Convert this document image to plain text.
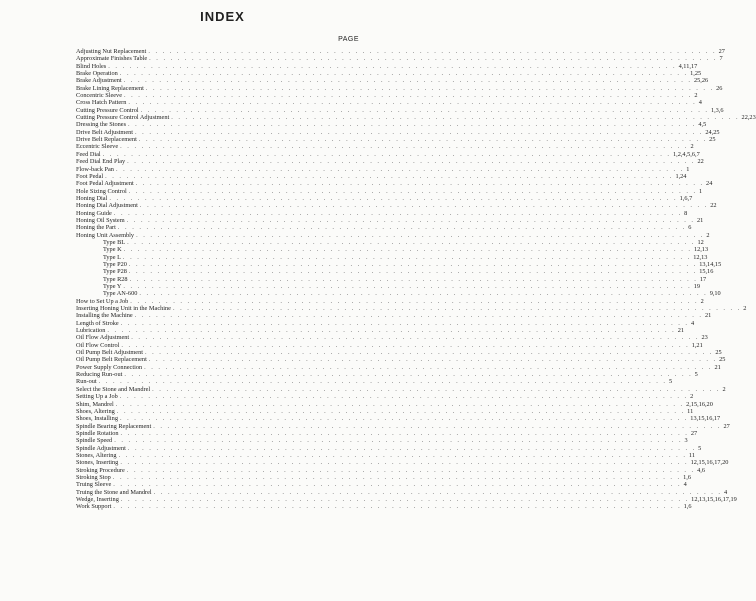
INDEX
PAGE
Adjusting Nut Replacement . . . . . . . . . . . . . . . . . . . . . . . . . . . . . . . . . . . . . . . . . . . . . . . . . . . . . . . . . . . . . . . . . . . . . . . . . . . . . . . . 27
Approximate Finishes Table . . . . . . . . . . . . . . . . . . . . . . . . . . . . . . . . . . . . . . . . . . . . . . . . . . . . . . . . . . . . . . . . . . . . . . . . . . . . . . . . 7
Blind Holes . . . . . . . . . . . . . . . . . . . . . . . . . . . . . . . . . . . . . . . . . . . . . . . . . . . . . . . . . . . . . . . . . . . . . . . . . . . . . . . . 4,11,17
Brake Operation . . . . . . . . . . . . . . . . . . . . . . . . . . . . . . . . . . . . . . . . . . . . . . . . . . . . . . . . . . . . . . . . . . . . . . . . . . . . . . . . 1,25
Brake Adjustment . . . . . . . . . . . . . . . . . . . . . . . . . . . . . . . . . . . . . . . . . . . . . . . . . . . . . . . . . . . . . . . . . . . . . . . . . . . . . . . . 25,26
Brake Lining Replacement . . . . . . . . . . . . . . . . . . . . . . . . . . . . . . . . . . . . . . . . . . . . . . . . . . . . . . . . . . . . . . . . . . . . . . . . . . . . . . . . 26
Concentric Sleeve . . . . . . . . . . . . . . . . . . . . . . . . . . . . . . . . . . . . . . . . . . . . . . . . . . . . . . . . . . . . . . . . . . . . . . . . . . . . . . . . 2
Cross Hatch Pattern . . . . . . . . . . . . . . . . . . . . . . . . . . . . . . . . . . . . . . . . . . . . . . . . . . . . . . . . . . . . . . . . . . . . . . . . . . . . . . . . 4
Cutting Pressure Control . . . . . . . . . . . . . . . . . . . . . . . . . . . . . . . . . . . . . . . . . . . . . . . . . . . . . . . . . . . . . . . . . . . . . . . . . . . . . . . . 1,3,6
Cutting Pressure Control Adjustment . . . . . . . . . . . . . . . . . . . . . . . . . . . . . . . . . . . . . . . . . . . . . . . . . . . . . . . . . . . . . . . . . . . . . . . . . . . . . . . . 22,23
Dressing the Stones . . . . . . . . . . . . . . . . . . . . . . . . . . . . . . . . . . . . . . . . . . . . . . . . . . . . . . . . . . . . . . . . . . . . . . . . . . . . . . . . 4,5
Drive Belt Adjustment . . . . . . . . . . . . . . . . . . . . . . . . . . . . . . . . . . . . . . . . . . . . . . . . . . . . . . . . . . . . . . . . . . . . . . . . . . . . . . . . 24,25
Drive Belt Replacement . . . . . . . . . . . . . . . . . . . . . . . . . . . . . . . . . . . . . . . . . . . . . . . . . . . . . . . . . . . . . . . . . . . . . . . . . . . . . . . . 25
Eccentric Sleeve . . . . . . . . . . . . . . . . . . . . . . . . . . . . . . . . . . . . . . . . . . . . . . . . . . . . . . . . . . . . . . . . . . . . . . . . . . . . . . . . 2
Feed Dial . . . . . . . . . . . . . . . . . . . . . . . . . . . . . . . . . . . . . . . . . . . . . . . . . . . . . . . . . . . . . . . . . . . . . . . . . . . . . . . . 1,2,4,5,6,7
Feed Dial End Play . . . . . . . . . . . . . . . . . . . . . . . . . . . . . . . . . . . . . . . . . . . . . . . . . . . . . . . . . . . . . . . . . . . . . . . . . . . . . . . . 22
Flow-back Pan . . . . . . . . . . . . . . . . . . . . . . . . . . . . . . . . . . . . . . . . . . . . . . . . . . . . . . . . . . . . . . . . . . . . . . . . . . . . . . . . 1
Foot Pedal . . . . . . . . . . . . . . . . . . . . . . . . . . . . . . . . . . . . . . . . . . . . . . . . . . . . . . . . . . . . . . . . . . . . . . . . . . . . . . . . 1,24
Foot Pedal Adjustment . . . . . . . . . . . . . . . . . . . . . . . . . . . . . . . . . . . . . . . . . . . . . . . . . . . . . . . . . . . . . . . . . . . . . . . . . . . . . . . . 24
Hole Sizing Control . . . . . . . . . . . . . . . . . . . . . . . . . . . . . . . . . . . . . . . . . . . . . . . . . . . . . . . . . . . . . . . . . . . . . . . . . . . . . . . . 1
Honing Dial . . . . . . . . . . . . . . . . . . . . . . . . . . . . . . . . . . . . . . . . . . . . . . . . . . . . . . . . . . . . . . . . . . . . . . . . . . . . . . . . 1,6,7
Honing Dial Adjustment . . . . . . . . . . . . . . . . . . . . . . . . . . . . . . . . . . . . . . . . . . . . . . . . . . . . . . . . . . . . . . . . . . . . . . . . . . . . . . . . 22
Honing Guide . . . . . . . . . . . . . . . . . . . . . . . . . . . . . . . . . . . . . . . . . . . . . . . . . . . . . . . . . . . . . . . . . . . . . . . . . . . . . . . . 8
Honing Oil System . . . . . . . . . . . . . . . . . . . . . . . . . . . . . . . . . . . . . . . . . . . . . . . . . . . . . . . . . . . . . . . . . . . . . . . . . . . . . . . . 21
Honing the Part . . . . . . . . . . . . . . . . . . . . . . . . . . . . . . . . . . . . . . . . . . . . . . . . . . . . . . . . . . . . . . . . . . . . . . . . . . . . . . . . 6
Honing Unit Assembly . . . . . . . . . . . . . . . . . . . . . . . . . . . . . . . . . . . . . . . . . . . . . . . . . . . . . . . . . . . . . . . . . . . . . . . . . . . . . . . . 2
Type BL . . . . . . . . . . . . . . . . . . . . . . . . . . . . . . . . . . . . . . . . . . . . . . . . . . . . . . . . . . . . . . . . . . . . . . . . . . . . . . . . 12
Type K . . . . . . . . . . . . . . . . . . . . . . . . . . . . . . . . . . . . . . . . . . . . . . . . . . . . . . . . . . . . . . . . . . . . . . . . . . . . . . . . 12,13
Type L . . . . . . . . . . . . . . . . . . . . . . . . . . . . . . . . . . . . . . . . . . . . . . . . . . . . . . . . . . . . . . . . . . . . . . . . . . . . . . . . 12,13
Type P20 . . . . . . . . . . . . . . . . . . . . . . . . . . . . . . . . . . . . . . . . . . . . . . . . . . . . . . . . . . . . . . . . . . . . . . . . . . . . . . . . 13,14,15
Type P28 . . . . . . . . . . . . . . . . . . . . . . . . . . . . . . . . . . . . . . . . . . . . . . . . . . . . . . . . . . . . . . . . . . . . . . . . . . . . . . . . 15,16
Type R28 . . . . . . . . . . . . . . . . . . . . . . . . . . . . . . . . . . . . . . . . . . . . . . . . . . . . . . . . . . . . . . . . . . . . . . . . . . . . . . . . 17
Type Y . . . . . . . . . . . . . . . . . . . . . . . . . . . . . . . . . . . . . . . . . . . . . . . . . . . . . . . . . . . . . . . . . . . . . . . . . . . . . . . . 19
Type AN-600 . . . . . . . . . . . . . . . . . . . . . . . . . . . . . . . . . . . . . . . . . . . . . . . . . . . . . . . . . . . . . . . . . . . . . . . . . . . . . . . . 9,10
How to Set Up a Job . . . . . . . . . . . . . . . . . . . . . . . . . . . . . . . . . . . . . . . . . . . . . . . . . . . . . . . . . . . . . . . . . . . . . . . . . . . . . . . . 2
Inserting Honing Unit in the Machine . . . . . . . . . . . . . . . . . . . . . . . . . . . . . . . . . . . . . . . . . . . . . . . . . . . . . . . . . . . . . . . . . . . . . . . . . . . . . . . . 2
Installing the Machine . . . . . . . . . . . . . . . . . . . . . . . . . . . . . . . . . . . . . . . . . . . . . . . . . . . . . . . . . . . . . . . . . . . . . . . . . . . . . . . . 21
Length of Stroke . . . . . . . . . . . . . . . . . . . . . . . . . . . . . . . . . . . . . . . . . . . . . . . . . . . . . . . . . . . . . . . . . . . . . . . . . . . . . . . . 4
Lubrication . . . . . . . . . . . . . . . . . . . . . . . . . . . . . . . . . . . . . . . . . . . . . . . . . . . . . . . . . . . . . . . . . . . . . . . . . . . . . . . . 21
Oil Flow Adjustment . . . . . . . . . . . . . . . . . . . . . . . . . . . . . . . . . . . . . . . . . . . . . . . . . . . . . . . . . . . . . . . . . . . . . . . . . . . . . . . . 23
Oil Flow Control . . . . . . . . . . . . . . . . . . . . . . . . . . . . . . . . . . . . . . . . . . . . . . . . . . . . . . . . . . . . . . . . . . . . . . . . . . . . . . . . 1,21
Oil Pump Belt Adjustment . . . . . . . . . . . . . . . . . . . . . . . . . . . . . . . . . . . . . . . . . . . . . . . . . . . . . . . . . . . . . . . . . . . . . . . . . . . . . . . . 25
Oil Pump Belt Replacement . . . . . . . . . . . . . . . . . . . . . . . . . . . . . . . . . . . . . . . . . . . . . . . . . . . . . . . . . . . . . . . . . . . . . . . . . . . . . . . . 25
Power Supply Connection . . . . . . . . . . . . . . . . . . . . . . . . . . . . . . . . . . . . . . . . . . . . . . . . . . . . . . . . . . . . . . . . . . . . . . . . . . . . . . . . 21
Reducing Run-out . . . . . . . . . . . . . . . . . . . . . . . . . . . . . . . . . . . . . . . . . . . . . . . . . . . . . . . . . . . . . . . . . . . . . . . . . . . . . . . . 5
Run-out . . . . . . . . . . . . . . . . . . . . . . . . . . . . . . . . . . . . . . . . . . . . . . . . . . . . . . . . . . . . . . . . . . . . . . . . . . . . . . . . 5
Select the Stone and Mandrel . . . . . . . . . . . . . . . . . . . . . . . . . . . . . . . . . . . . . . . . . . . . . . . . . . . . . . . . . . . . . . . . . . . . . . . . . . . . . . . . 2
Setting Up a Job . . . . . . . . . . . . . . . . . . . . . . . . . . . . . . . . . . . . . . . . . . . . . . . . . . . . . . . . . . . . . . . . . . . . . . . . . . . . . . . . 2
Shim, Mandrel . . . . . . . . . . . . . . . . . . . . . . . . . . . . . . . . . . . . . . . . . . . . . . . . . . . . . . . . . . . . . . . . . . . . . . . . . . . . . . . . 2,15,16,20
Shoes, Altering . . . . . . . . . . . . . . . . . . . . . . . . . . . . . . . . . . . . . . . . . . . . . . . . . . . . . . . . . . . . . . . . . . . . . . . . . . . . . . . . 11
Shoes, Installing . . . . . . . . . . . . . . . . . . . . . . . . . . . . . . . . . . . . . . . . . . . . . . . . . . . . . . . . . . . . . . . . . . . . . . . . . . . . . . . . 13,15,16,17
Spindle Bearing Replacement . . . . . . . . . . . . . . . . . . . . . . . . . . . . . . . . . . . . . . . . . . . . . . . . . . . . . . . . . . . . . . . . . . . . . . . . . . . . . . . . 27
Spindle Rotation . . . . . . . . . . . . . . . . . . . . . . . . . . . . . . . . . . . . . . . . . . . . . . . . . . . . . . . . . . . . . . . . . . . . . . . . . . . . . . . . 27
Spindle Speed . . . . . . . . . . . . . . . . . . . . . . . . . . . . . . . . . . . . . . . . . . . . . . . . . . . . . . . . . . . . . . . . . . . . . . . . . . . . . . . . 3
Spindle Adjustment . . . . . . . . . . . . . . . . . . . . . . . . . . . . . . . . . . . . . . . . . . . . . . . . . . . . . . . . . . . . . . . . . . . . . . . . . . . . . . . . 5
Stones, Altering . . . . . . . . . . . . . . . . . . . . . . . . . . . . . . . . . . . . . . . . . . . . . . . . . . . . . . . . . . . . . . . . . . . . . . . . . . . . . . . . 11
Stones, Inserting . . . . . . . . . . . . . . . . . . . . . . . . . . . . . . . . . . . . . . . . . . . . . . . . . . . . . . . . . . . . . . . . . . . . . . . . . . . . . . . . 12,15,16,17,20
Stroking Procedure . . . . . . . . . . . . . . . . . . . . . . . . . . . . . . . . . . . . . . . . . . . . . . . . . . . . . . . . . . . . . . . . . . . . . . . . . . . . . . . . 4,6
Stroking Stop . . . . . . . . . . . . . . . . . . . . . . . . . . . . . . . . . . . . . . . . . . . . . . . . . . . . . . . . . . . . . . . . . . . . . . . . . . . . . . . . 1,6
Truing Sleeve . . . . . . . . . . . . . . . . . . . . . . . . . . . . . . . . . . . . . . . . . . . . . . . . . . . . . . . . . . . . . . . . . . . . . . . . . . . . . . . . 4
Truing the Stone and Mandrel . . . . . . . . . . . . . . . . . . . . . . . . . . . . . . . . . . . . . . . . . . . . . . . . . . . . . . . . . . . . . . . . . . . . . . . . . . . . . . . . 4
Wedge, Inserting . . . . . . . . . . . . . . . . . . . . . . . . . . . . . . . . . . . . . . . . . . . . . . . . . . . . . . . . . . . . . . . . . . . . . . . . . . . . . . . . 12,13,15,16,17,19
Work Support . . . . . . . . . . . . . . . . . . . . . . . . . . . . . . . . . . . . . . . . . . . . . . . . . . . . . . . . . . . . . . . . . . . . . . . . . . . . . . . . 1,6
